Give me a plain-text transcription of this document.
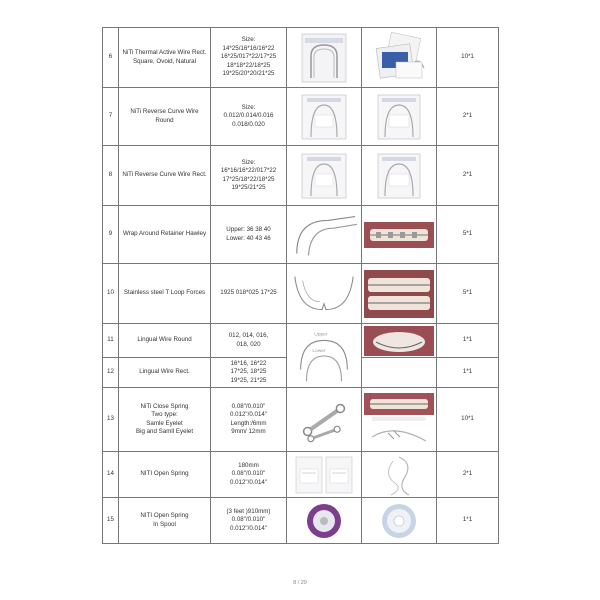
6	NiTi Thermal Active Wire Rect.
Square, Ovoid, Natural	Size:
14*25/16*16/16*22
16*25/017*22/17*25
18*18*22/18*25
19*25/20*20/21*25			10*1
7	NiTi Reverse Curve Wire Round	Size:
0.012/0.014/0.016
0.018/0.020			2*1
8	NiTi Reverse Curve Wire Rect.	Size:
16*16/16*22/017*22
17*25/18*22/18*25
19*25/21*25			2*1
9	Wrap Around Retainer Hawley	Upper: 36 38 40
Lower: 40 43 46			5*1
10	Stainless steel T Loop Forces	1925 018*025 17*25			5*1
11	Lingual Wire Round	012, 014, 016,
018, 020	Upper
Lower		1*1
12	Lingual Wire Rect.	16*16, 16*22
17*25, 18*25
19*25, 21*25			1*1
13	NiTi Close Spring
Two type:
Samle Eyelet
Big and Samll Eyelet	0.08"/0.010"
0.012"/0.014"
Length:/6mm
9mm/ 12mm			10*1
14	NITI Open Spring	180mm
0.08"/0.010"
0.012"/0.014"			2*1
15	NITI Open Spring
In Spool	(3 feet )910mm)
0.08"/0.010"
0.012"/0.014"			1*1
8 / 29
